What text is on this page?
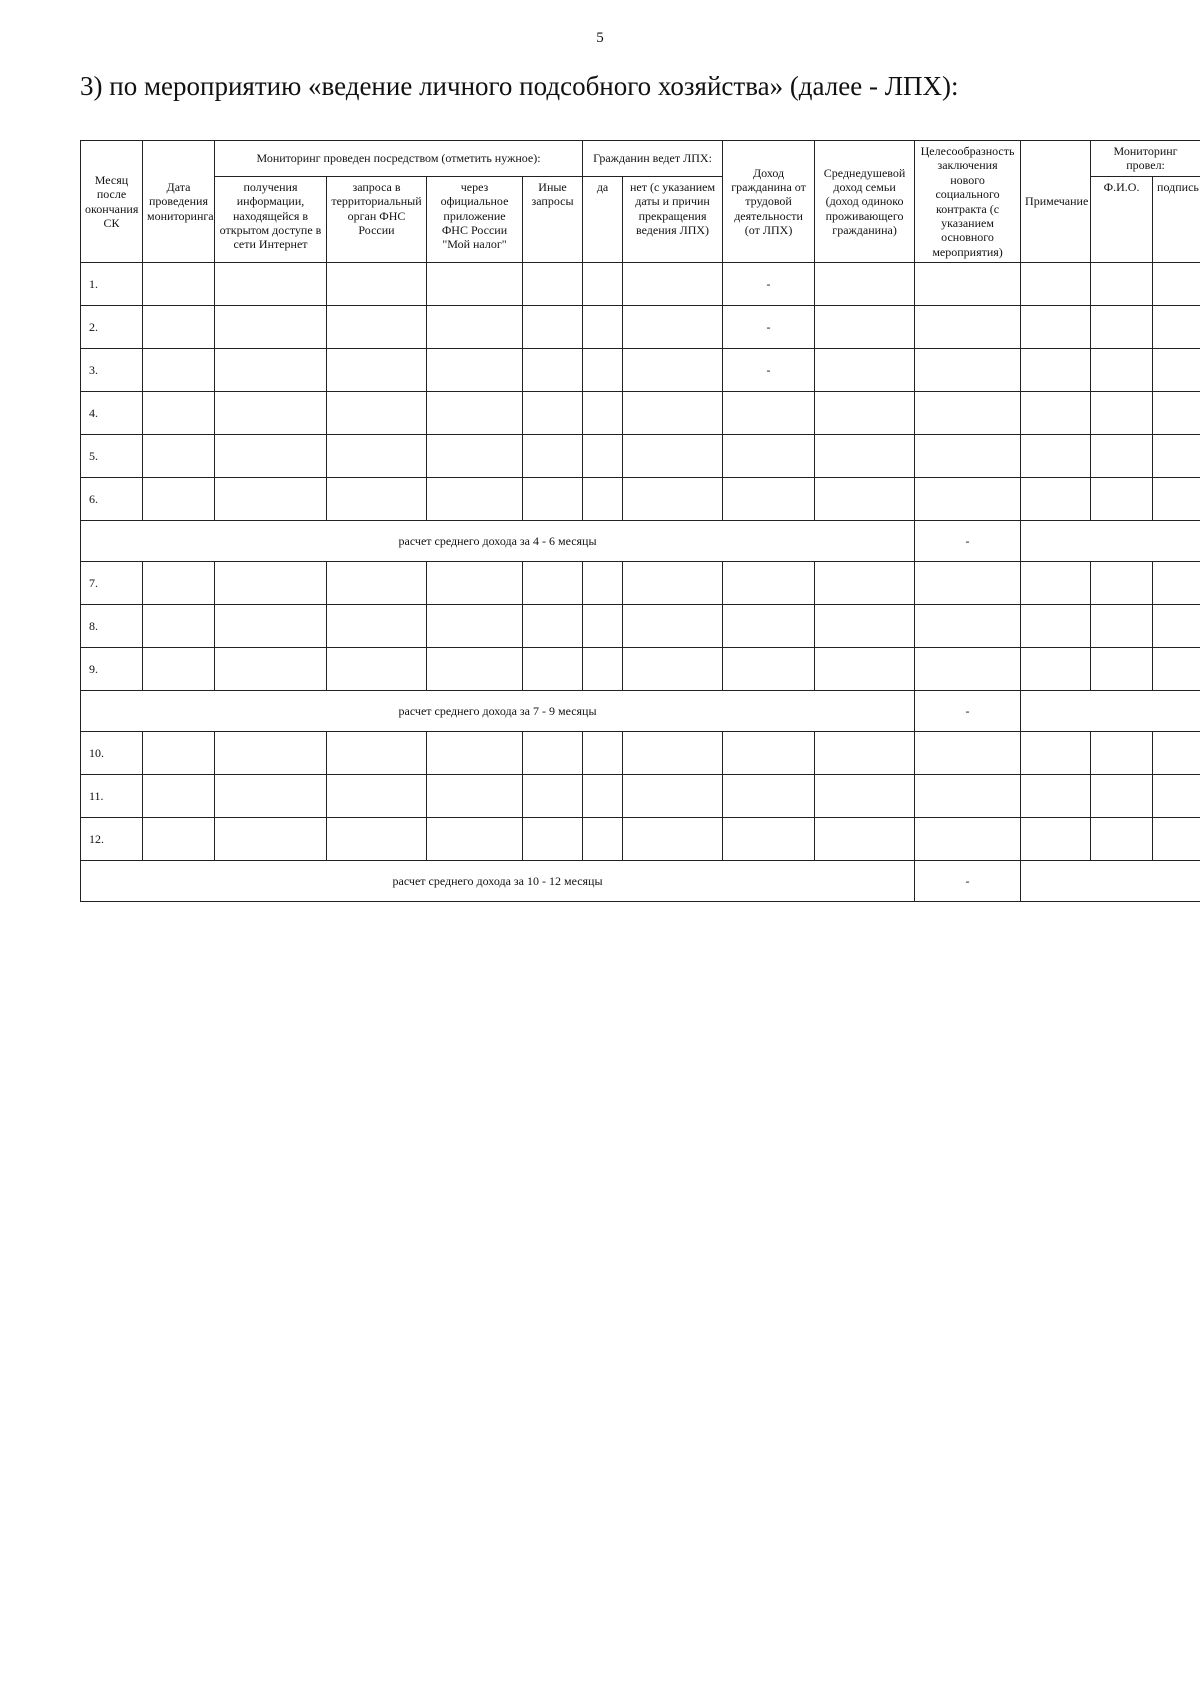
5
3) по мероприятию «ведение личного подсобного хозяйства» (далее - ЛПХ):
Месяц после окончания СК	Дата проведения мониторинга	Мониторинг проведен посредством (отметить нужное):				Гражданин ведет ЛПХ:		Доход гражданина от трудовой деятельности (от ЛПХ)	Среднедушевой доход семьи (доход одиноко проживающего гражданина)	Целесообразность заключения нового социального контракта (с указанием основного мероприятия)	Примечание	Мониторинг провел:	
		получения информации, находящейся в открытом доступе в сети Интернет	запроса в территориальный орган ФНС России	через официальное приложение ФНС России "Мой налог"	Иные запросы	да	нет (с указанием даты и причин прекращения ведения ЛПХ)					Ф.И.О.	подпись
1.								-					
2.								-					
3.								-					
4.													
5.													
6.													
расчет среднего дохода за 4 - 6 месяцы										-			
7.													
8.													
9.													
расчет среднего дохода за 7 - 9 месяцы										-			
10.													
11.													
12.													
расчет среднего дохода за 10 - 12 месяцы										-			
